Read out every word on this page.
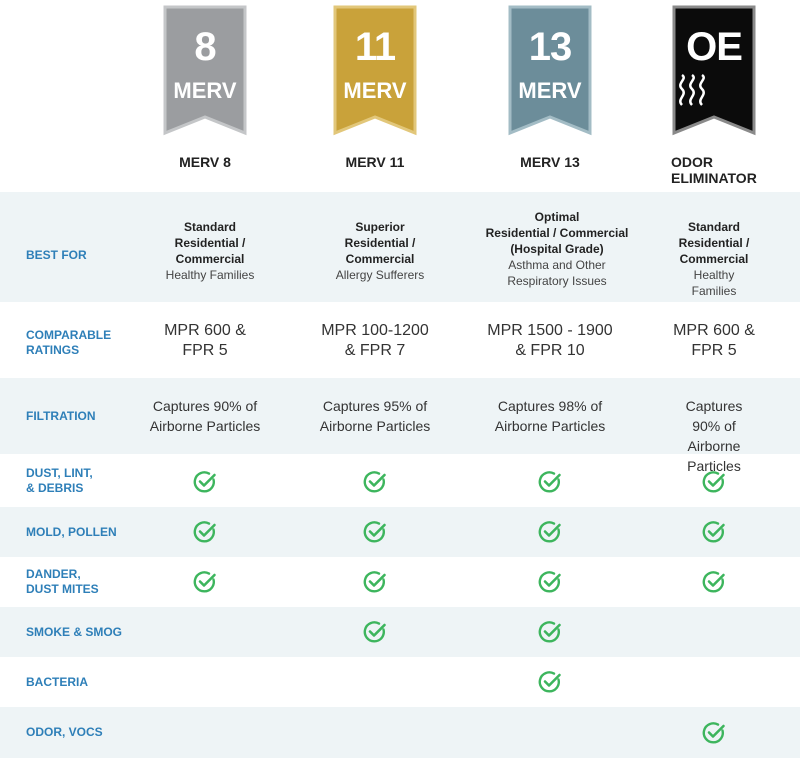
8
MERV
MERV 8
11
MERV
MERV 11
13
MERV
MERV 13
OE
ODOR ELIMINATOR
BEST FOR
COMPARABLE
RATINGS
FILTRATION
DUST, LINT,
& DEBRIS
MOLD, POLLEN
DANDER,
DUST MITES
SMOKE & SMOG
BACTERIA
ODOR, VOCS
Standard
Residential /
Commercial
Healthy Families
Superior
Residential /
Commercial
Allergy Sufferers
Optimal
Residential / Commercial
(Hospital Grade)
Asthma and Other
Respiratory Issues
Standard
Residential /
Commercial
Healthy Families
MPR 600 &
FPR 5
MPR 100-1200
& FPR 7
MPR 1500 - 1900
& FPR 10
MPR 600 &
FPR 5
Captures 90% of
Airborne Particles
Captures 95% of
Airborne Particles
Captures 98% of
Airborne Particles
Captures 90% of
Airborne Particles
